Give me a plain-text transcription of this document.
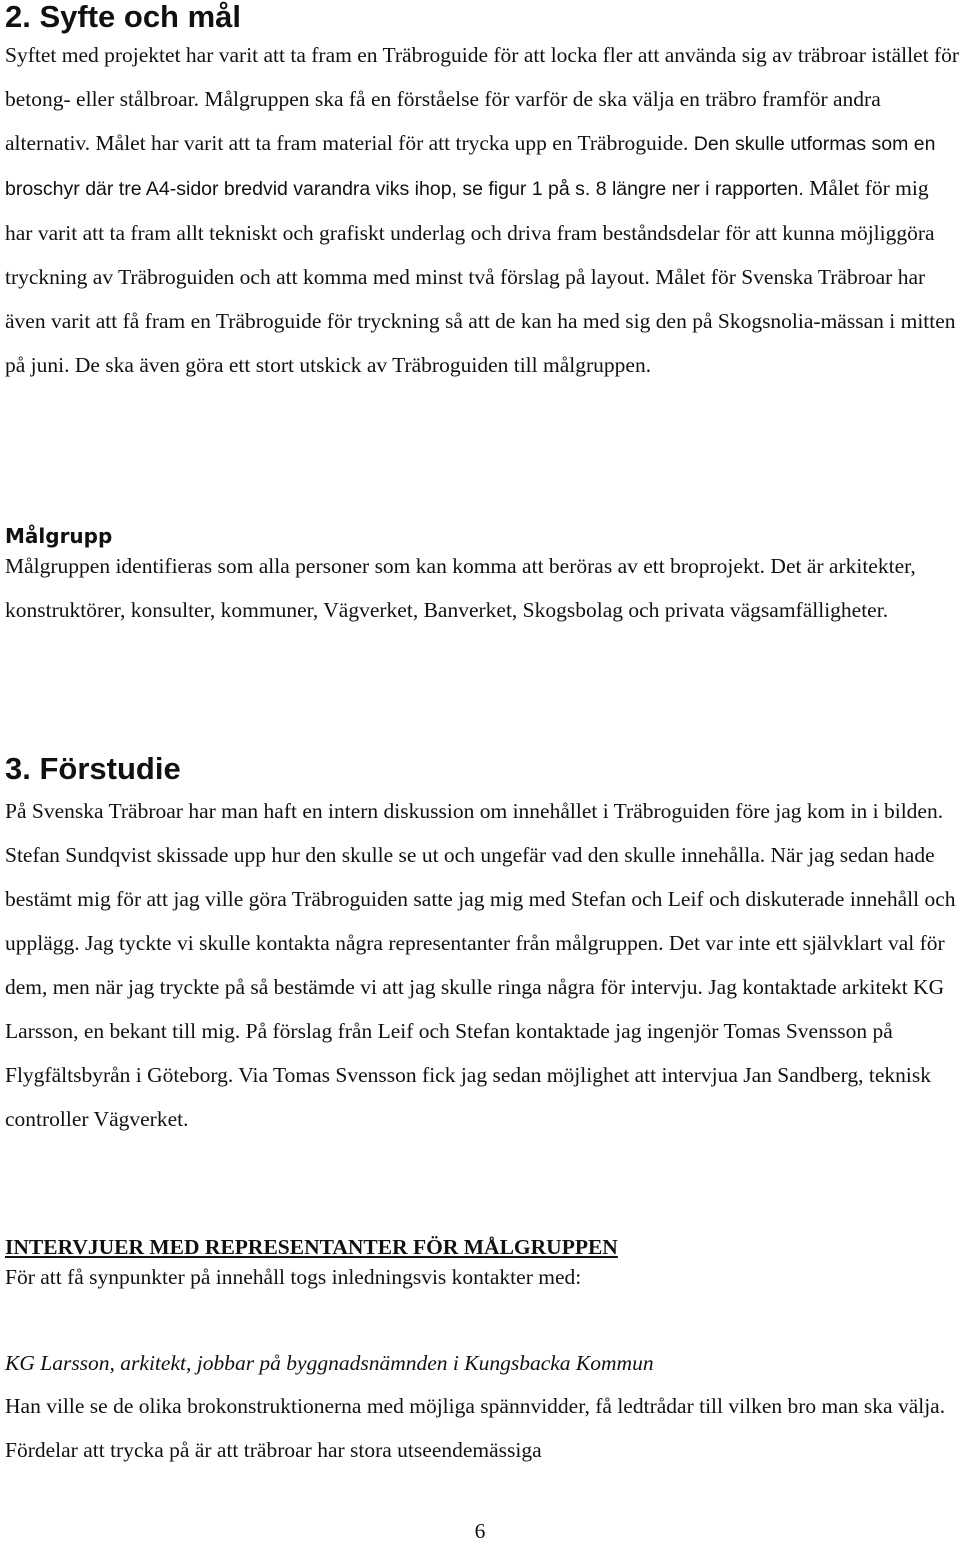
2. Syfte och mål

Syftet med projektet har varit att ta fram en Träbroguide för att locka fler att använda sig av träbroar istället för betong- eller stålbroar. Målgruppen ska få en förståelse för varför de ska välja en träbro framför andra alternativ. Målet har varit att ta fram material för att trycka upp en Träbroguide. Den skulle utformas som en broschyr där tre A4-sidor bredvid varandra viks ihop, se figur 1 på s. 8 längre ner i rapporten. Målet för mig har varit att ta fram allt tekniskt och grafiskt underlag och driva fram beståndsdelar för att kunna möjliggöra tryckning av Träbroguiden och att komma med minst två förslag på layout. Målet för Svenska Träbroar har även varit att få fram en Träbroguide för tryckning så att de kan ha med sig den på Skogsnolia-mässan i mitten på juni. De ska även göra ett stort utskick av Träbroguiden till målgruppen.

Målgrupp

Målgruppen identifieras som alla personer som kan komma att beröras av ett broprojekt. Det är arkitekter, konstruktörer, konsulter, kommuner, Vägverket, Banverket, Skogsbolag och privata vägsamfälligheter.

3. Förstudie

På Svenska Träbroar har man haft en intern diskussion om innehållet i Träbroguiden före jag kom in i bilden. Stefan Sundqvist skissade upp hur den skulle se ut och ungefär vad den skulle innehålla. När jag sedan hade bestämt mig för att jag ville göra Träbroguiden satte jag mig med Stefan och Leif och diskuterade innehåll och upplägg. Jag tyckte vi skulle kontakta några representanter från målgruppen. Det var inte ett självklart val för dem, men när jag tryckte på så bestämde vi att jag skulle ringa några för intervju. Jag kontaktade arkitekt KG Larsson, en bekant till mig. På förslag från Leif och Stefan kontaktade jag ingenjör Tomas Svensson på Flygfältsbyrån i Göteborg. Via Tomas Svensson fick jag sedan möjlighet att intervjua Jan Sandberg, teknisk controller Vägverket.

INTERVJUER MED REPRESENTANTER FÖR MÅLGRUPPEN

För att få synpunkter på innehåll togs inledningsvis kontakter med:

KG Larsson, arkitekt, jobbar på byggnadsnämnden i Kungsbacka Kommun

Han ville se de olika brokonstruktionerna med möjliga spännvidder, få ledtrådar till vilken bro man ska välja. Fördelar att trycka på är att träbroar har stora utseendemässiga

6
